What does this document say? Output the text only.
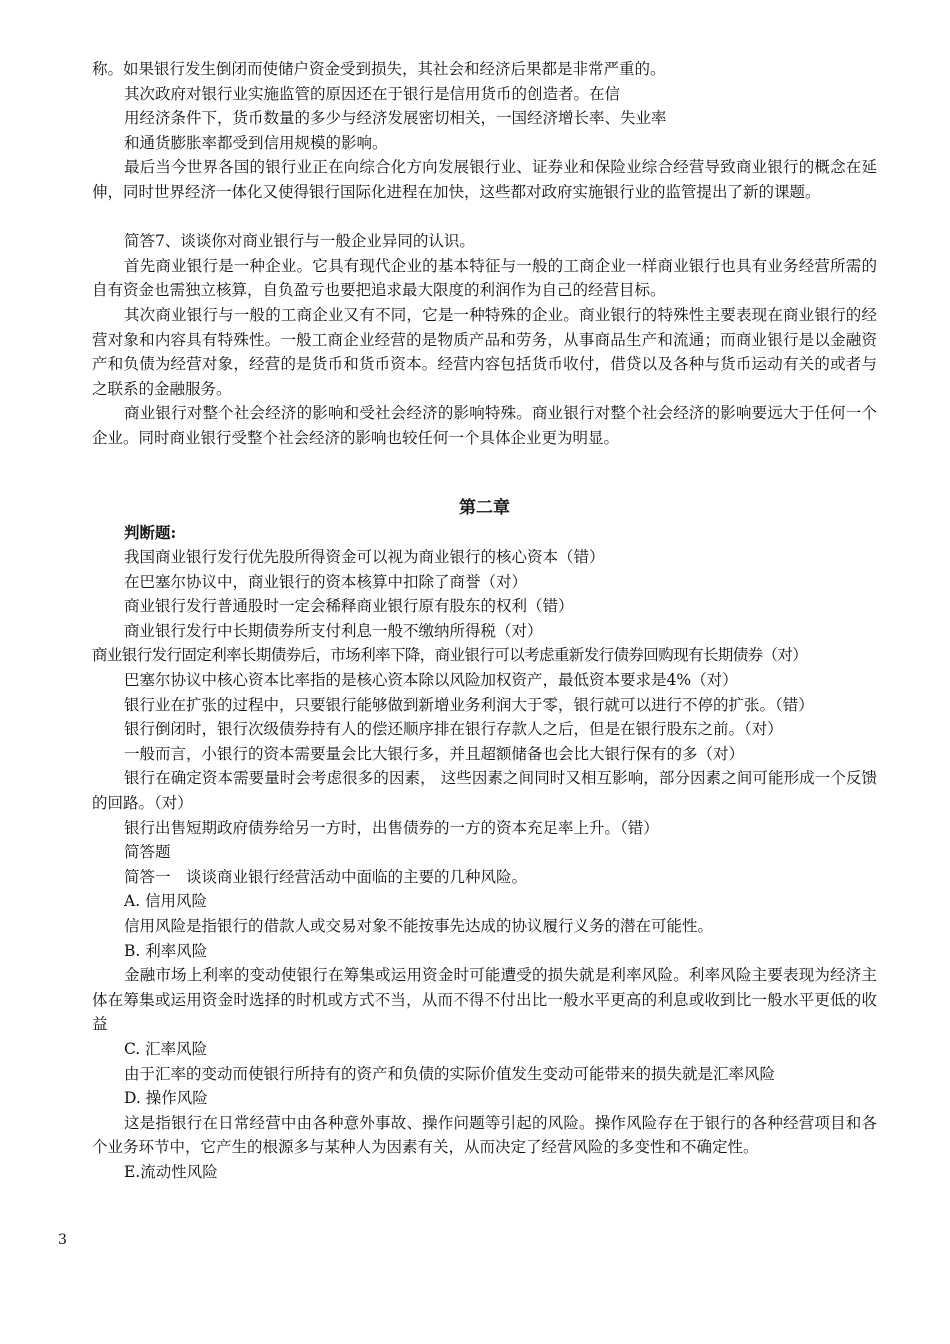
称。如果银行发生倒闭而使储户资金受到损失，其社会和经济后果都是非常严重的。

其次政府对银行业实施监管的原因还在于银行是信用货币的创造者。在信

用经济条件下，货币数量的多少与经济发展密切相关，一国经济增长率、失业率

和通货膨胀率都受到信用规模的影响。

最后当今世界各国的银行业正在向综合化方向发展银行业、证券业和保险业综合经营导致商业银行的概念在延伸，同时世界经济一体化又使得银行国际化进程在加快，这些都对政府实施银行业的监管提出了新的课题。

简答7、谈谈你对商业银行与一般企业异同的认识。

首先商业银行是一种企业。它具有现代企业的基本特征与一般的工商企业一样商业银行也具有业务经营所需的自有资金也需独立核算，自负盈亏也要把追求最大限度的利润作为自己的经营目标。

其次商业银行与一般的工商企业又有不同，它是一种特殊的企业。商业银行的特殊性主要表现在商业银行的经营对象和内容具有特殊性。一般工商企业经营的是物质产品和劳务，从事商品生产和流通；而商业银行是以金融资产和负债为经营对象，经营的是货币和货币资本。经营内容包括货币收付，借贷以及各种与货币运动有关的或者与之联系的金融服务。

商业银行对整个社会经济的影响和受社会经济的影响特殊。商业银行对整个社会经济的影响要远大于任何一个企业。同时商业银行受整个社会经济的影响也较任何一个具体企业更为明显。

第二章

判断题:

我国商业银行发行优先股所得资金可以视为商业银行的核心资本（错）

在巴塞尔协议中，商业银行的资本核算中扣除了商誉（对）

商业银行发行普通股时一定会稀释商业银行原有股东的权利（错）

商业银行发行中长期债券所支付利息一般不缴纳所得税（对）

商业银行发行固定利率长期债券后，市场利率下降，商业银行可以考虑重新发行债券回购现有长期债券（对）

巴塞尔协议中核心资本比率指的是核心资本除以风险加权资产，最低资本要求是4%（对）

银行业在扩张的过程中，只要银行能够做到新增业务利润大于零，银行就可以进行不停的扩张。（错）

银行倒闭时，银行次级债券持有人的偿还顺序排在银行存款人之后，但是在银行股东之前。（对）

一般而言，小银行的资本需要量会比大银行多，并且超额储备也会比大银行保有的多（对）

银行在确定资本需要量时会考虑很多的因素， 这些因素之间同时又相互影响，部分因素之间可能形成一个反馈的回路。（对）

银行出售短期政府债券给另一方时，出售债券的一方的资本充足率上升。（错）

简答题

简答一　谈谈商业银行经营活动中面临的主要的几种风险。

A. 信用风险

信用风险是指银行的借款人或交易对象不能按事先达成的协议履行义务的潜在可能性。

B. 利率风险

金融市场上利率的变动使银行在筹集或运用资金时可能遭受的损失就是利率风险。利率风险主要表现为经济主体在筹集或运用资金时选择的时机或方式不当，从而不得不付出比一般水平更高的利息或收到比一般水平更低的收益

C. 汇率风险

由于汇率的变动而使银行所持有的资产和负债的实际价值发生变动可能带来的损失就是汇率风险

D. 操作风险

这是指银行在日常经营中由各种意外事故、操作问题等引起的风险。操作风险存在于银行的各种经营项目和各个业务环节中，它产生的根源多与某种人为因素有关，从而决定了经营风险的多变性和不确定性。

E.流动性风险

3
